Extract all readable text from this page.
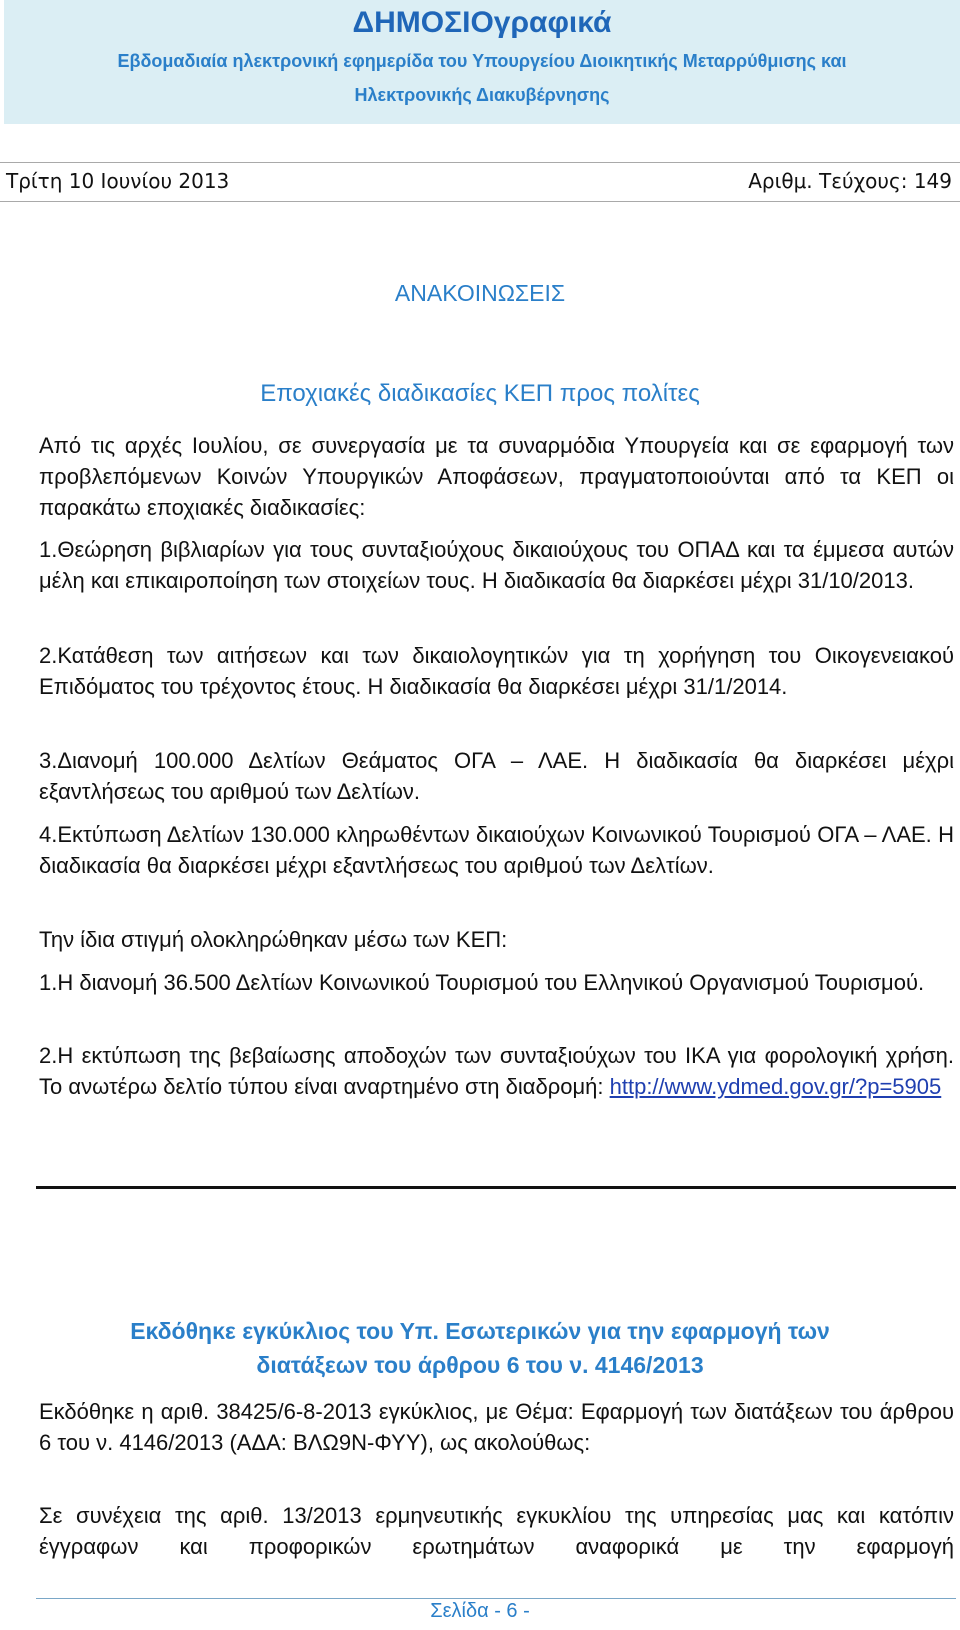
ΔΗΜΟΣΙΟγραφικά
Εβδομαδιαία ηλεκτρονική εφημερίδα του Υπουργείου Διοικητικής Μεταρρύθμισης και
Ηλεκτρονικής Διακυβέρνησης
Τρίτη 10 Ιουνίου 2013	Αριθμ. Τεύχους: 149
ΑΝΑΚΟΙΝΩΣΕΙΣ
Εποχιακές διαδικασίες ΚΕΠ προς πολίτες

Από τις αρχές Ιουλίου, σε συνεργασία με τα συναρμόδια Υπουργεία και σε εφαρμογή των προβλεπόμενων Κοινών Υπουργικών Αποφάσεων, πραγματοποιούνται από τα ΚΕΠ οι παρακάτω εποχιακές διαδικασίες:

1.Θεώρηση βιβλιαρίων για τους συνταξιούχους δικαιούχους του ΟΠΑΔ και τα έμμεσα αυτών μέλη και επικαιροποίηση των στοιχείων τους. Η διαδικασία θα διαρκέσει μέχρι 31/10/2013.

2.Κατάθεση των αιτήσεων και των δικαιολογητικών για τη χορήγηση του Οικογενειακού Επιδόματος του τρέχοντος έτους. Η διαδικασία θα διαρκέσει μέχρι 31/1/2014.

3.Διανομή 100.000 Δελτίων Θεάματος ΟΓΑ – ΛΑΕ. Η διαδικασία θα διαρκέσει μέχρι εξαντλήσεως του αριθμού των Δελτίων.

4.Εκτύπωση Δελτίων 130.000 κληρωθέντων δικαιούχων Κοινωνικού Τουρισμού ΟΓΑ – ΛΑΕ. Η διαδικασία θα διαρκέσει μέχρι εξαντλήσεως του αριθμού των Δελτίων.

Την ίδια στιγμή ολοκληρώθηκαν μέσω των ΚΕΠ:

1.Η διανομή 36.500 Δελτίων Κοινωνικού Τουρισμού του Ελληνικού Οργανισμού Τουρισμού.

2.Η εκτύπωση της βεβαίωσης αποδοχών των συνταξιούχων του ΙΚΑ για φορολογική χρήση. Το ανωτέρω δελτίο τύπου είναι αναρτημένο στη διαδρομή: http://www.ydmed.gov.gr/?p=5905

Εκδόθηκε εγκύκλιος του Υπ. Εσωτερικών για την εφαρμογή των
διατάξεων του άρθρου 6 του ν. 4146/2013

Εκδόθηκε η αριθ. 38425/6-8-2013 εγκύκλιος, με Θέμα: Εφαρμογή των διατάξεων του άρθρου 6 του ν. 4146/2013 (ΑΔΑ: ΒΛΩ9Ν-ΦΥΥ), ως ακολούθως:

Σε συνέχεια της αριθ. 13/2013 ερμηνευτικής εγκυκλίου της υπηρεσίας μας και κατόπιν έγγραφων και προφορικών ερωτημάτων αναφορικά με την εφαρμογή

Σελίδα - 6 -
